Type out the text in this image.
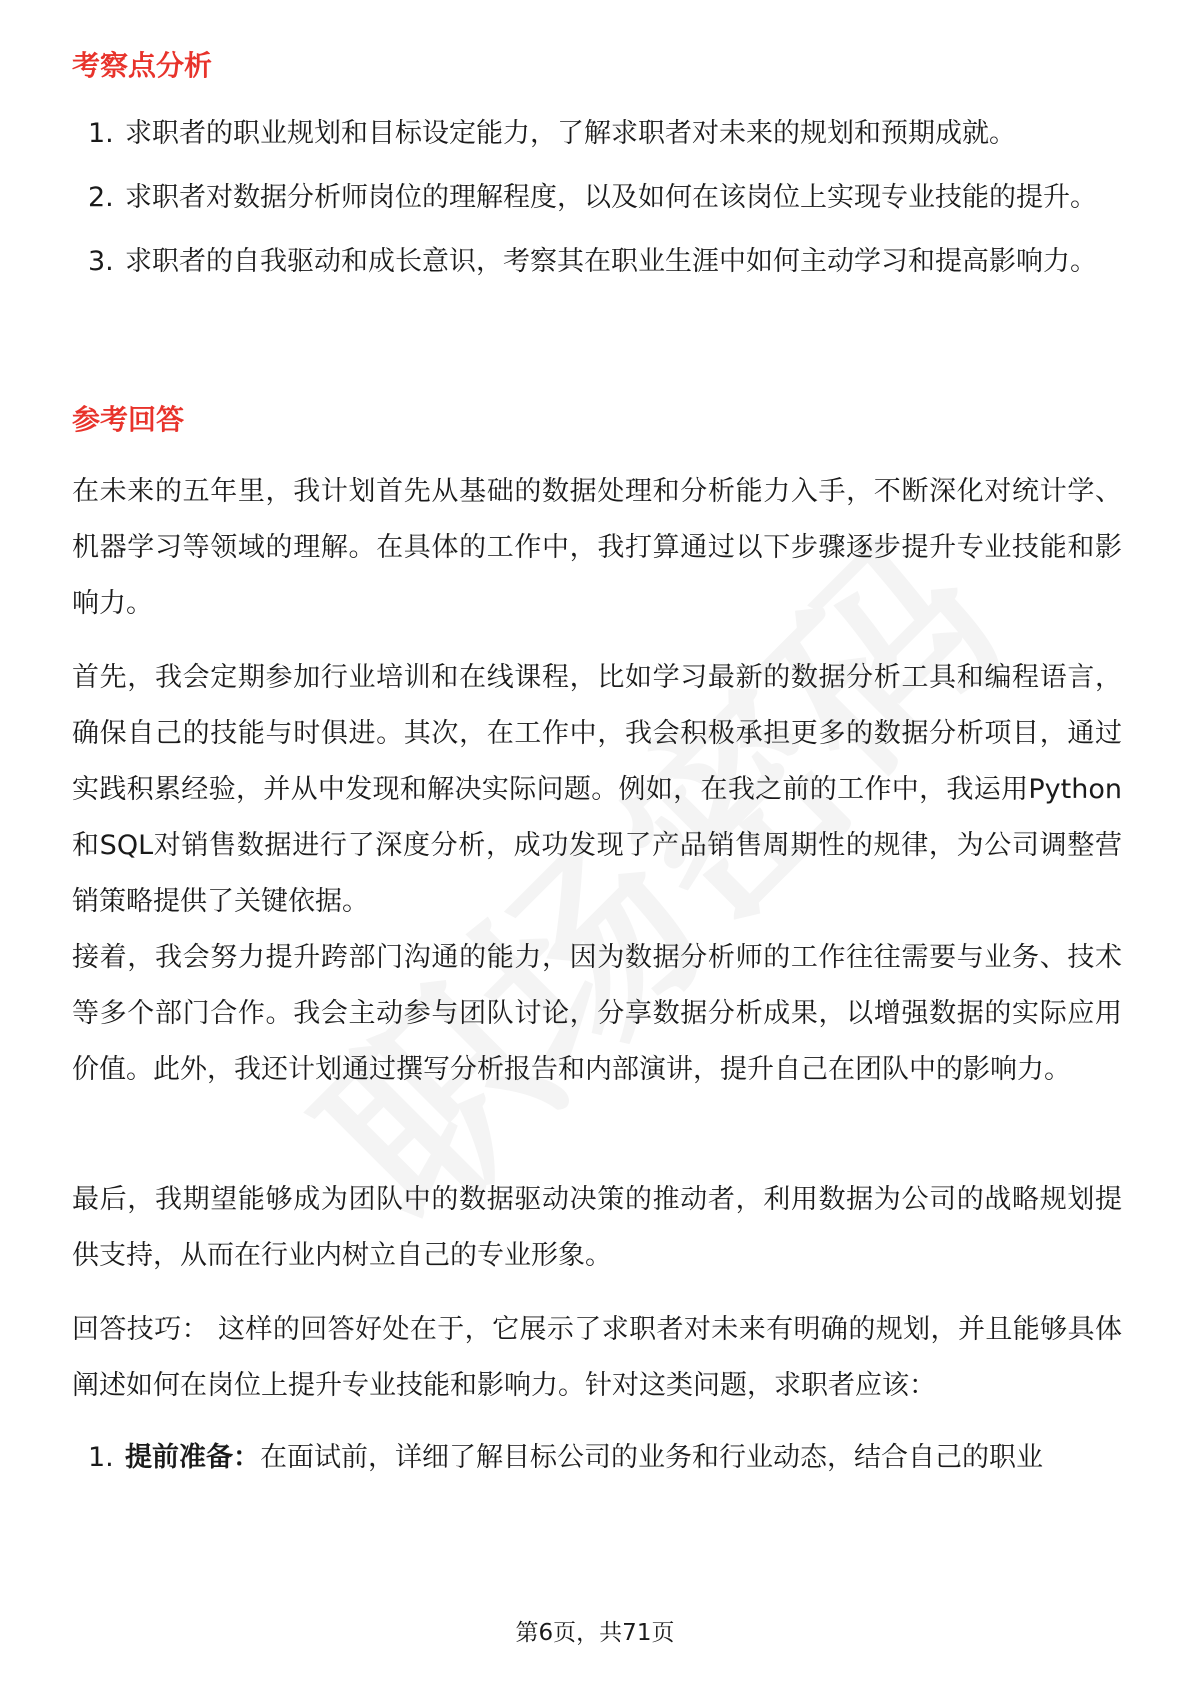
考察点分析
1. 求职者的职业规划和目标设定能力，了解求职者对未来的规划和预期成就。
2. 求职者对数据分析师岗位的理解程度，以及如何在该岗位上实现专业技能的提升。
3. 求职者的自我驱动和成长意识，考察其在职业生涯中如何主动学习和提高影响力。
参考回答

在未来的五年里，我计划首先从基础的数据处理和分析能力入手，不断深化对统计学、机器学习等领域的理解。在具体的工作中，我打算通过以下步骤逐步提升专业技能和影响力。

首先，我会定期参加行业培训和在线课程，比如学习最新的数据分析工具和编程语言，确保自己的技能与时俱进。其次，在工作中，我会积极承担更多的数据分析项目，通过实践积累经验，并从中发现和解决实际问题。例如，在我之前的工作中，我运用Python和SQL对销售数据进行了深度分析，成功发现了产品销售周期性的规律，为公司调整营销策略提供了关键依据。

接着，我会努力提升跨部门沟通的能力，因为数据分析师的工作往往需要与业务、技术等多个部门合作。我会主动参与团队讨论，分享数据分析成果，以增强数据的实际应用价值。此外，我还计划通过撰写分析报告和内部演讲，提升自己在团队中的影响力。

最后，我期望能够成为团队中的数据驱动决策的推动者，利用数据为公司的战略规划提供支持，从而在行业内树立自己的专业形象。

回答技巧： 这样的回答好处在于，它展示了求职者对未来有明确的规划，并且能够具体阐述如何在岗位上提升专业技能和影响力。针对这类问题，求职者应该：

1. 提前准备：在面试前，详细了解目标公司的业务和行业动态，结合自己的职业
第6页，共71页
